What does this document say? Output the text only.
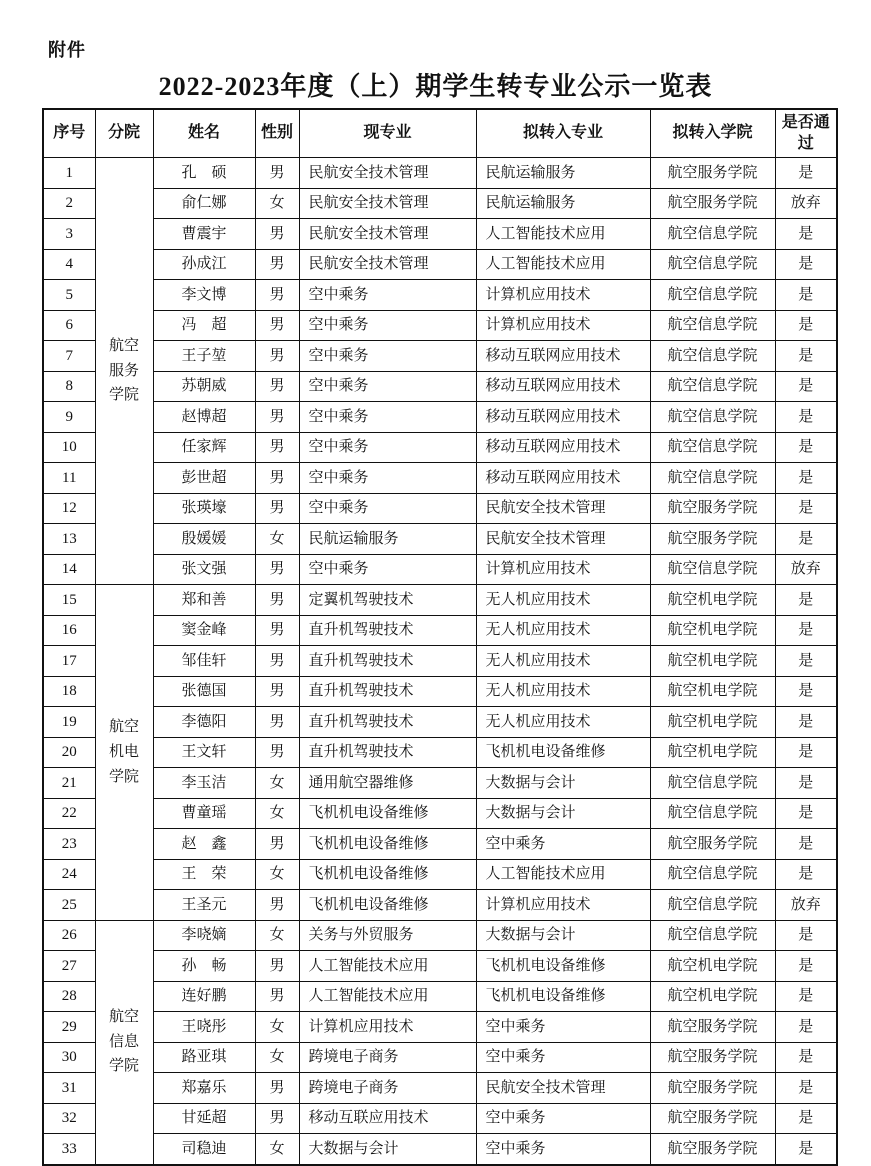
附件
2022-2023年度（上）期学生转专业公示一览表
序号	分院	姓名	性别	现专业	拟转入专业	拟转入学院	是否通过
1	航空服务学院	孔　硕	男	民航安全技术管理	民航运输服务	航空服务学院	是
2		俞仁娜	女	民航安全技术管理	民航运输服务	航空服务学院	放弃
3		曹震宇	男	民航安全技术管理	人工智能技术应用	航空信息学院	是
4		孙成江	男	民航安全技术管理	人工智能技术应用	航空信息学院	是
5		李文博	男	空中乘务	计算机应用技术	航空信息学院	是
6		冯　超	男	空中乘务	计算机应用技术	航空信息学院	是
7		王子堃	男	空中乘务	移动互联网应用技术	航空信息学院	是
8		苏朝威	男	空中乘务	移动互联网应用技术	航空信息学院	是
9		赵博超	男	空中乘务	移动互联网应用技术	航空信息学院	是
10		任家辉	男	空中乘务	移动互联网应用技术	航空信息学院	是
11		彭世超	男	空中乘务	移动互联网应用技术	航空信息学院	是
12		张瑛壕	男	空中乘务	民航安全技术管理	航空服务学院	是
13		殷媛媛	女	民航运输服务	民航安全技术管理	航空服务学院	是
14		张文强	男	空中乘务	计算机应用技术	航空信息学院	放弃
15	航空机电学院	郑和善	男	定翼机驾驶技术	无人机应用技术	航空机电学院	是
16		窦金峰	男	直升机驾驶技术	无人机应用技术	航空机电学院	是
17		邹佳轩	男	直升机驾驶技术	无人机应用技术	航空机电学院	是
18		张德国	男	直升机驾驶技术	无人机应用技术	航空机电学院	是
19		李德阳	男	直升机驾驶技术	无人机应用技术	航空机电学院	是
20		王文轩	男	直升机驾驶技术	飞机机电设备维修	航空机电学院	是
21		李玉洁	女	通用航空器维修	大数据与会计	航空信息学院	是
22		曹童瑶	女	飞机机电设备维修	大数据与会计	航空信息学院	是
23		赵　鑫	男	飞机机电设备维修	空中乘务	航空服务学院	是
24		王　荣	女	飞机机电设备维修	人工智能技术应用	航空信息学院	是
25		王圣元	男	飞机机电设备维修	计算机应用技术	航空信息学院	放弃
26	航空信息学院	李哓嫡	女	关务与外贸服务	大数据与会计	航空信息学院	是
27		孙　畅	男	人工智能技术应用	飞机机电设备维修	航空机电学院	是
28		连好鹏	男	人工智能技术应用	飞机机电设备维修	航空机电学院	是
29		王哓彤	女	计算机应用技术	空中乘务	航空服务学院	是
30		路亚琪	女	跨境电子商务	空中乘务	航空服务学院	是
31		郑嘉乐	男	跨境电子商务	民航安全技术管理	航空服务学院	是
32		甘延超	男	移动互联应用技术	空中乘务	航空服务学院	是
33		司稳迪	女	大数据与会计	空中乘务	航空服务学院	是
